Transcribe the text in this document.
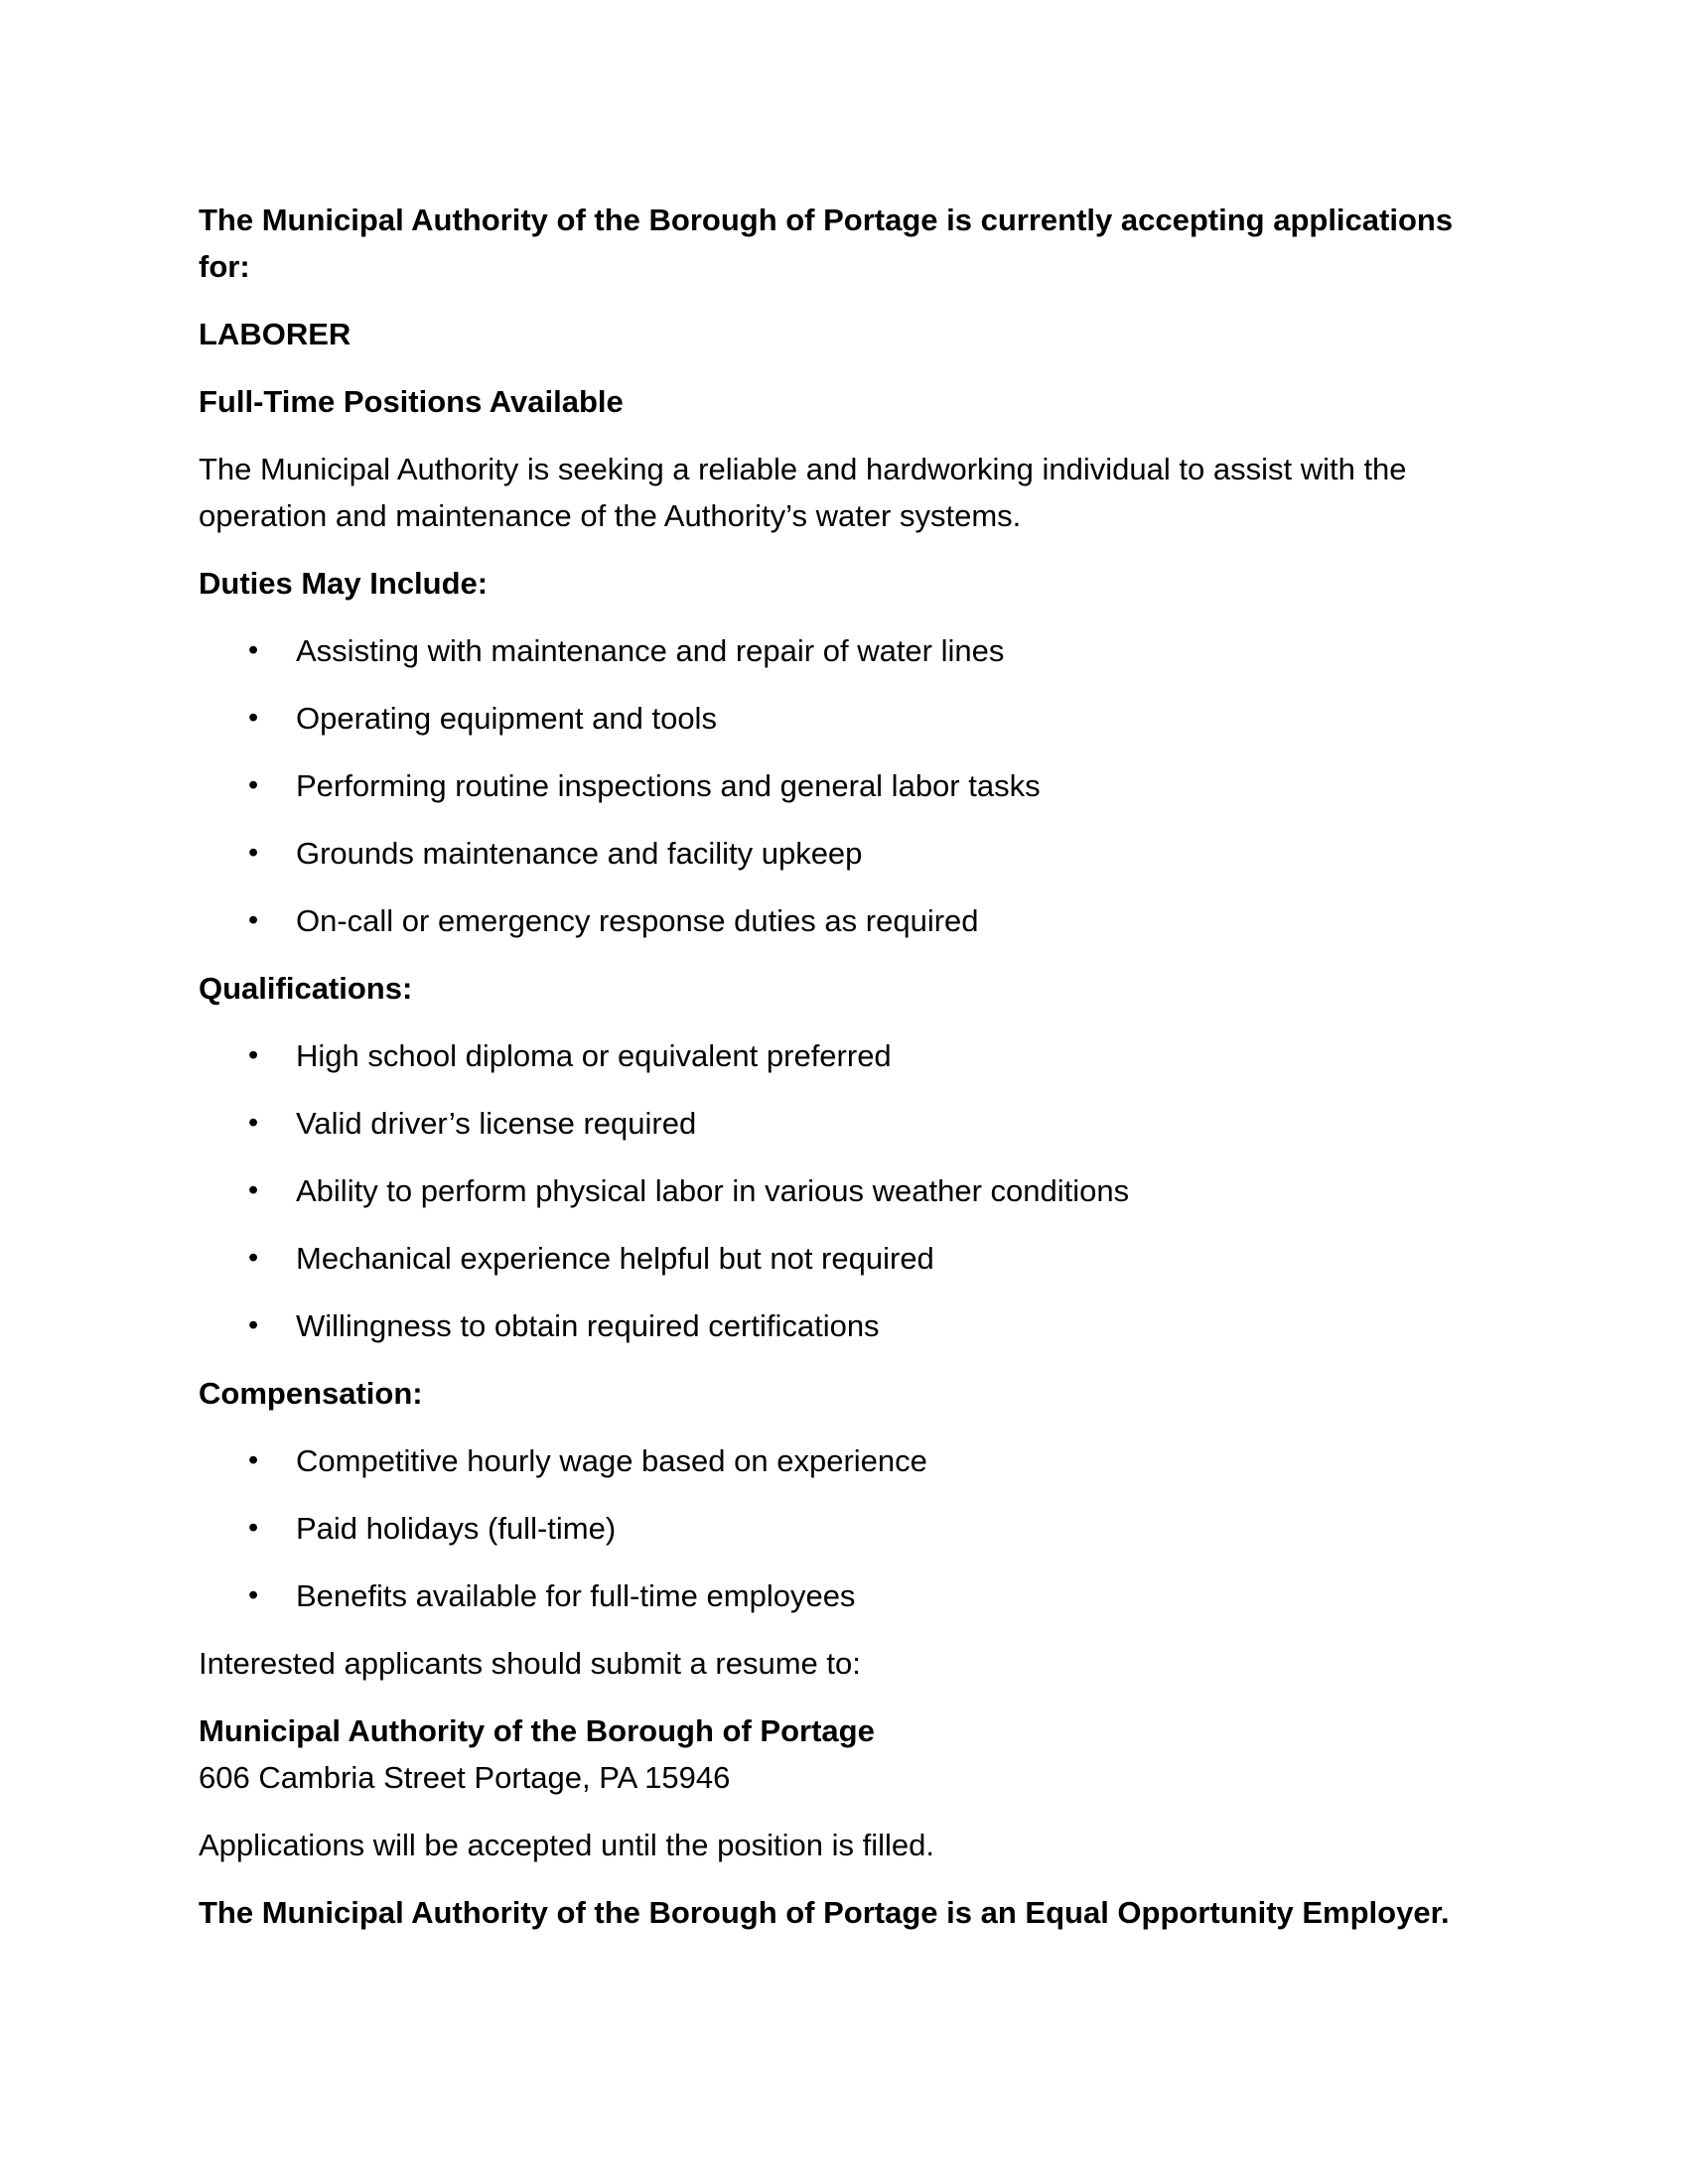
The Municipal Authority of the Borough of Portage is currently accepting applications
for:

LABORER

Full-Time Positions Available

The Municipal Authority is seeking a reliable and hardworking individual to assist with the
operation and maintenance of the Authority’s water systems.

Duties May Include:

•	Assisting with maintenance and repair of water lines
•	Operating equipment and tools
•	Performing routine inspections and general labor tasks
•	Grounds maintenance and facility upkeep
•	On-call or emergency response duties as required

Qualifications:

•	High school diploma or equivalent preferred
•	Valid driver’s license required
•	Ability to perform physical labor in various weather conditions
•	Mechanical experience helpful but not required
•	Willingness to obtain required certifications

Compensation:

•	Competitive hourly wage based on experience
•	Paid holidays (full-time)
•	Benefits available for full-time employees

Interested applicants should submit a resume to:

Municipal Authority of the Borough of Portage
606 Cambria Street Portage, PA 15946

Applications will be accepted until the position is filled.

The Municipal Authority of the Borough of Portage is an Equal Opportunity Employer.
